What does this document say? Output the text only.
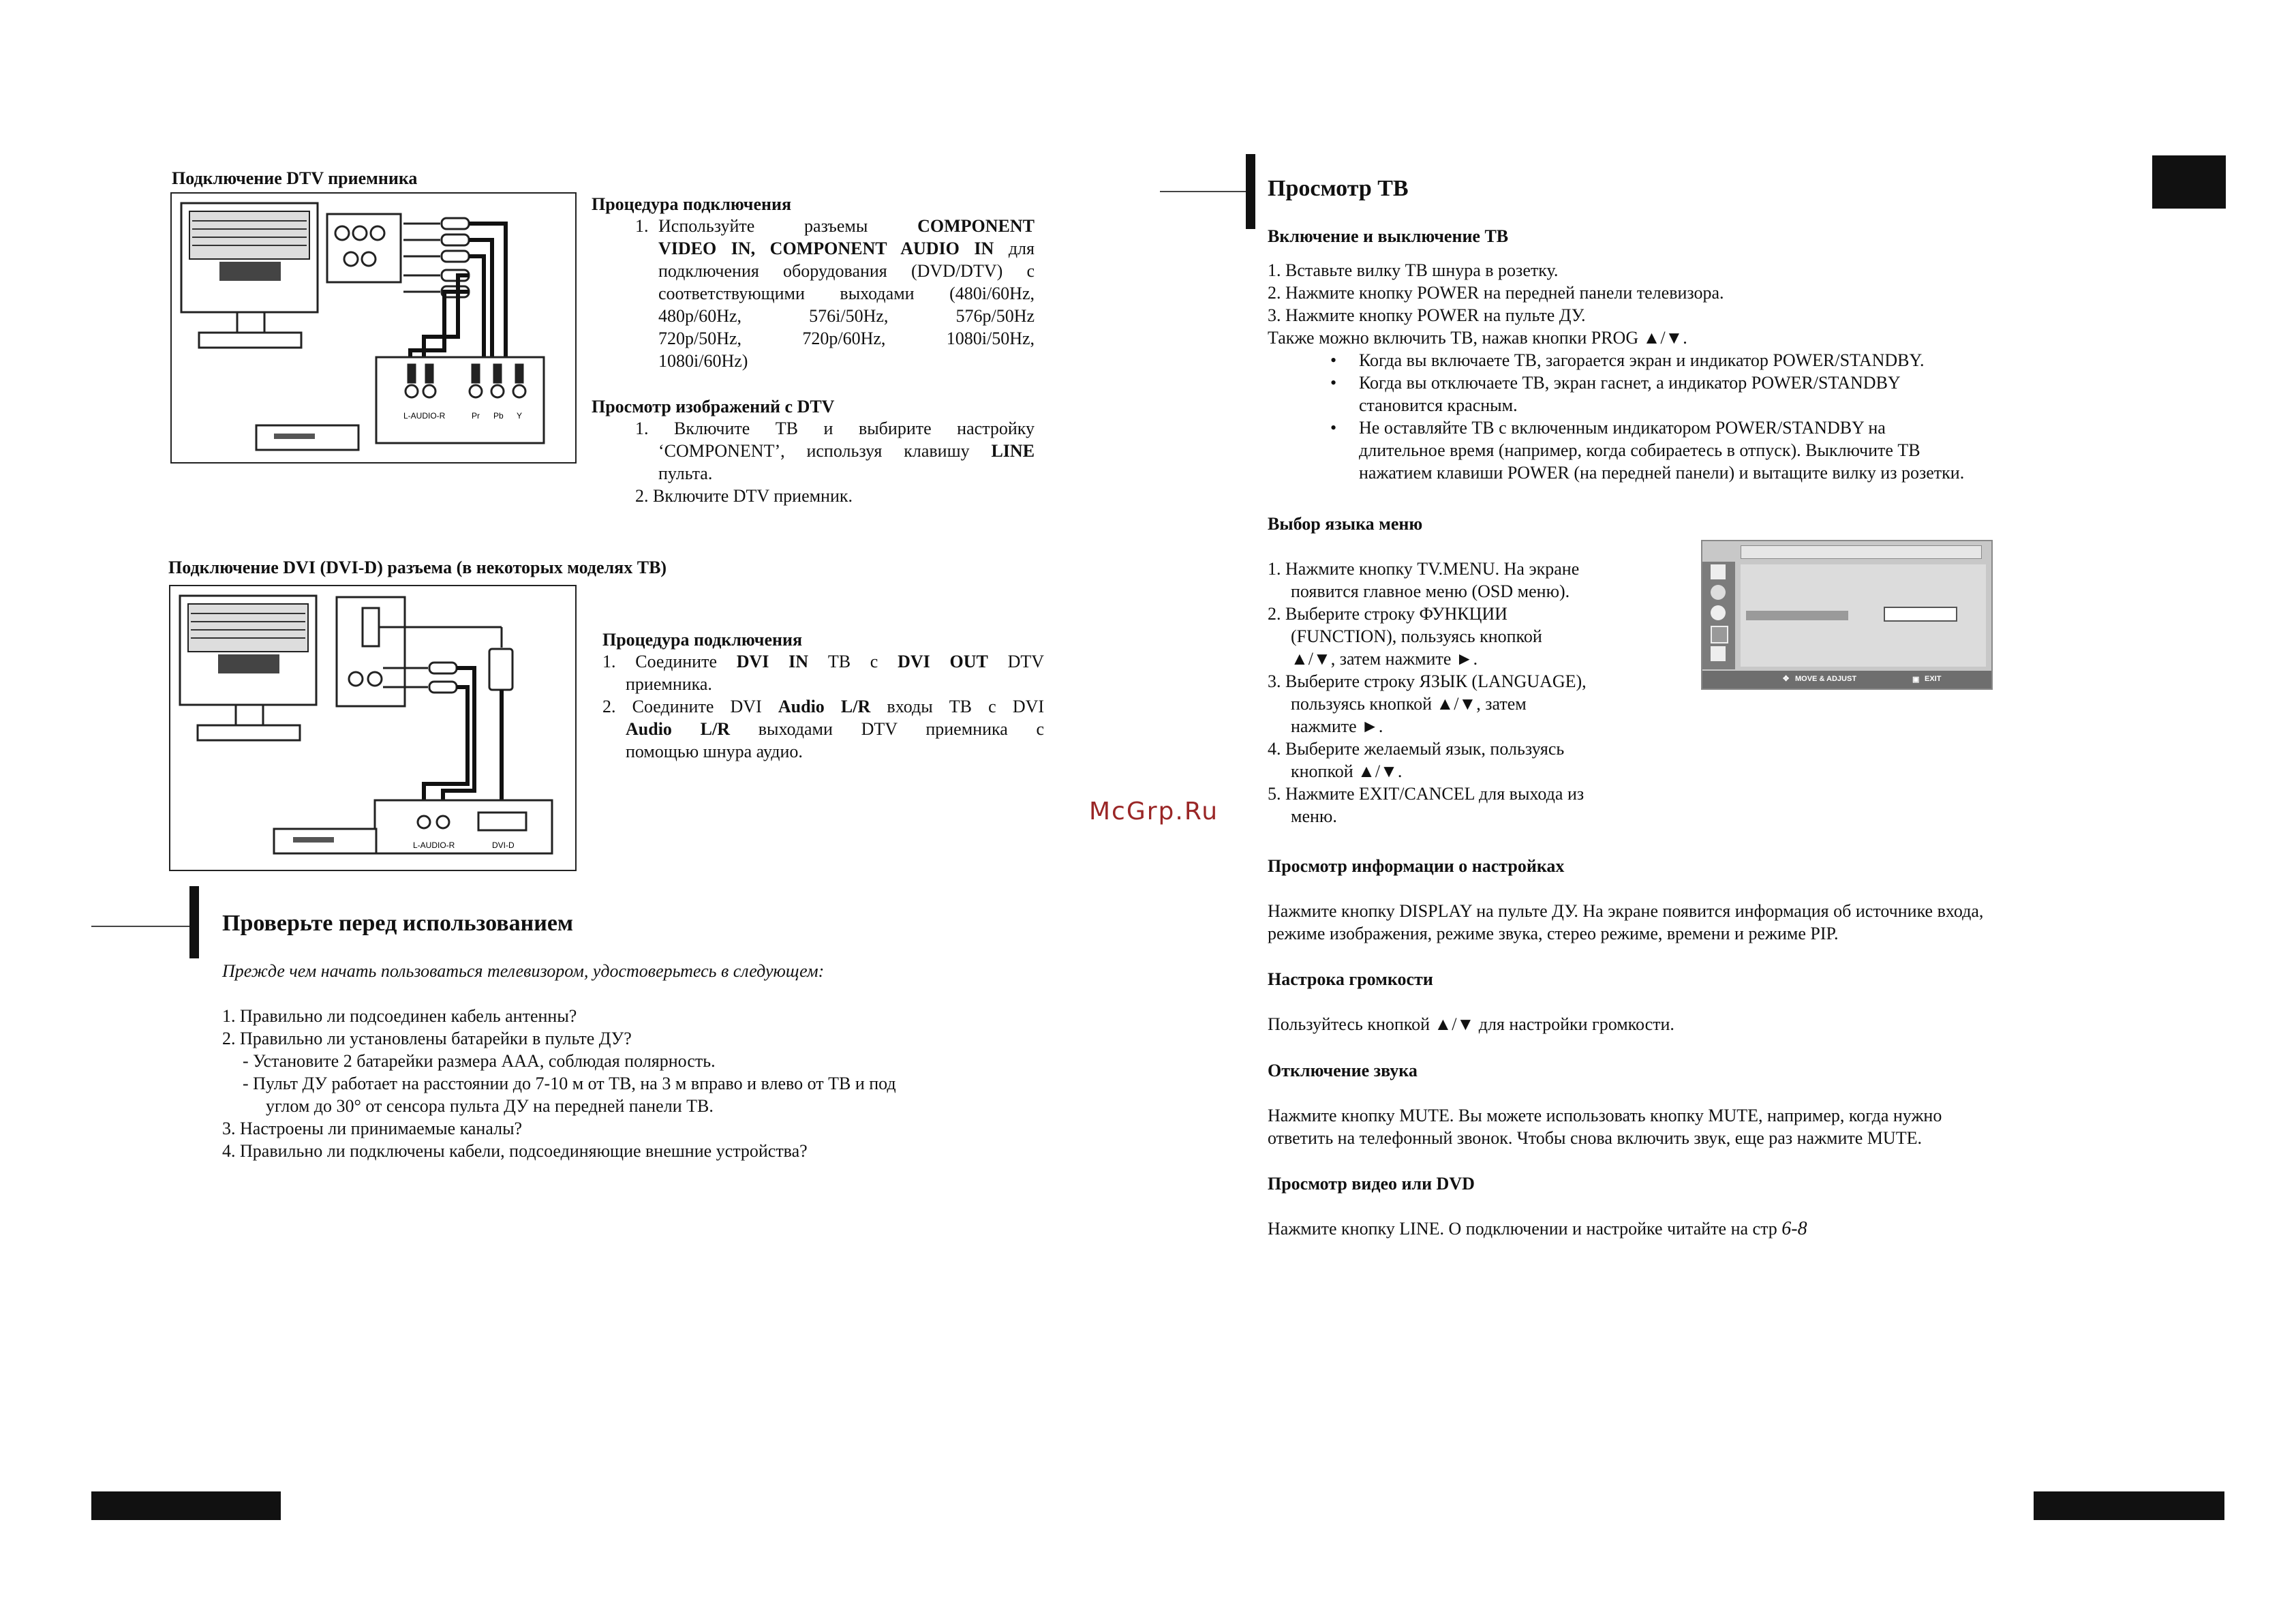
Подключение DTV приемника
L-AUDIO-R	Pr Pb Y
Процедура подключения
1. Используйте	разъемы	COMPONENT
VIDEO IN, COMPONENT AUDIO IN для
подключения оборудования (DVD/DTV) с
соответствующими выходами (480i/60Hz,
480p/60Hz,	576i/50Hz,	576p/50Hz
720p/50Hz,	720p/60Hz,	1080i/50Hz,
1080i/60Hz)
Просмотр изображений с DTV
1. Включите ТВ и выбирите настройку
‘COMPONENT’, используя клавишу LINE
пульта.
2. Включите DTV приемник.
Подключение DVI (DVI-D) разъема (в некоторых моделях ТВ)
L-AUDIO-R	DVI-D
Процедура подключения
1. Соедините DVI IN ТВ с DVI OUT DTV
приемника.
2. Соедините DVI Audio L/R входы ТВ с DVI
Audio L/R выходами DTV приемника с
помощью шнура аудио.
Проверьте перед использованием
Прежде чем начать пользоваться телевизором, удостоверьтесь в следующем:
1. Правильно ли подсоединен кабель антенны?
2. Правильно ли установлены батарейки в пульте ДУ?
- Установите 2 батарейки размера AAA, соблюдая полярность.
- Пульт ДУ работает на расстоянии до 7-10 м от ТВ, на 3 м вправо и влево от ТВ и под
углом до 30° от сенсора пульта ДУ на передней панели ТВ.
3. Настроены ли принимаемые каналы?
4. Правильно ли подключены кабели, подсоединяющие внешние устройства?
McGrp.Ru
Просмотр ТВ
Включение и выключение ТВ
1. Вставьте вилку ТВ шнура в розетку.
2. Нажмите кнопку POWER на передней панели телевизора.
3. Нажмите кнопку POWER на пульте ДУ.
Также можно включить ТВ, нажав кнопки PROG ▲/▼.
• Когда вы включаете ТВ, загорается экран и индикатор POWER/STANDBY.
• Когда вы отключаете ТВ, экран гаснет, а индикатор POWER/STANDBY
становится красным.
• Не оставляйте ТВ с включенным индикатором POWER/STANDBY на
длительное время (например, когда собираетесь в отпуск). Выключите ТВ
нажатием клавиши POWER (на передней панели) и вытащите вилку из розетки.
Выбор языка меню
1. Нажмите кнопку TV.MENU. На экране
появится главное меню (OSD меню).
2. Выберите строку ФУНКЦИИ
(FUNCTION), пользуясь кнопкой
▲/▼, затем нажмите ►.
3. Выберите строку ЯЗЫК (LANGUAGE),
пользуясь кнопкой ▲/▼, затем
нажмите ►.
4. Выберите желаемый язык, пользуясь
кнопкой ▲/▼.
5. Нажмите EXIT/CANCEL для выхода из
меню.
✥ MOVE & ADJUST	▣ EXIT
Просмотр информации о настройках
Нажмите кнопку DISPLAY на пульте ДУ. На экране появится информация об источнике входа,
режиме изображения, режиме звука, стерео режиме, времени и режиме PIP.
Настрока громкости
Пользуйтесь кнопкой ▲/▼ для настройки громкости.
Отключение звука
Нажмите кнопку MUTE. Вы можете использовать кнопку MUTE, например, когда нужно
ответить на телефонный звонок. Чтобы снова включить звук, еще раз нажмите MUTE.
Просмотр видео или DVD
Нажмите кнопку LINE. О подключении и настройке читайте на стр 6-8
